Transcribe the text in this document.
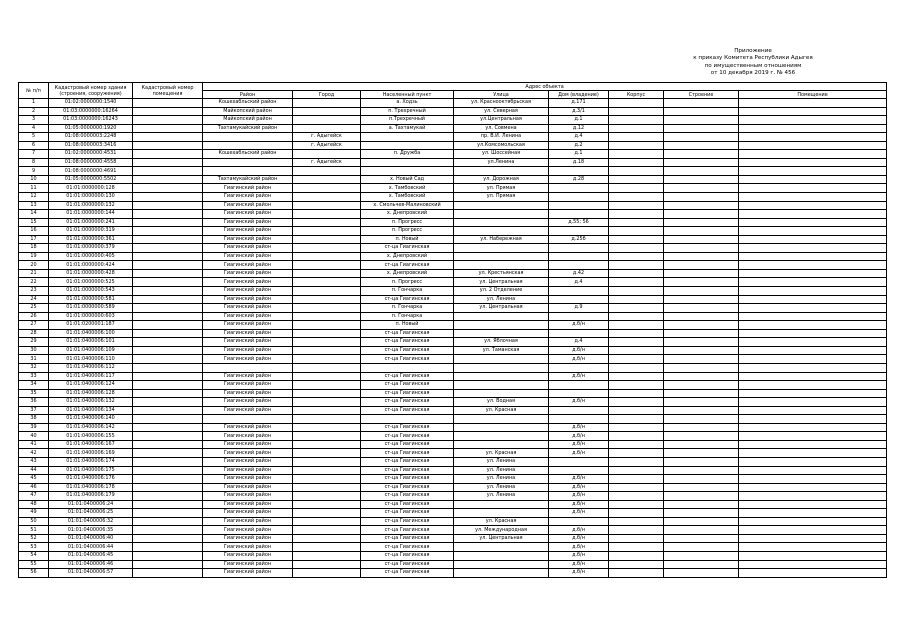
Приложение
к приказу Комитета Республики Адыгея
по имущественным отношениям
от 10 декабря 2019 г. № 456
№ п/п	Кадастровый номер здания (строения, сооружения)	Кадастровый номер помещения	Адрес объекта							
			Район	Город	Населенный пункт	Улица	Дом (владение)	Корпус	Строение	Помещение
1	01:02:0000000:1540		Кошехабльский район		а. Ходзь	ул. Краснооктябрьская	д.171			
2	01:03:0000000:16264		Майкопский район		п. Трехречный	ул. Северная	д.3/1			
3	01:03:0000000:16243		Майкопский район		п.Трехречный	ул.Центральная	д.1			
4	01:05:0000000:1920		Тахтамукайский район		а. Тахтамукай	ул. Совмена	д.12			
5	01:08:0000003:2248			г. Адыгейск		пр. В.И. Ленина	д.4			
6	01:08:0000003:3416			г. Адыгейск		ул.Комсомольская	д.2			
7	01:02:0000000:4531		Кошехабльский район		п. Дружба	ул. Шоссейная	д.1			
8	01:08:0000000:4558			г. Адыгейск		ул.Ленина	д.18			
9	01:08:0000000:4691									
10	01:05:0000000:5502		Тахтамукайский район		х. Новый Сад	ул. Дорожная	д.28			
11	01:01:0000000:128		Гиагинский район		х. Тамбовский	ул. Прямая				
12	01:01:0000000:130		Гиагинский район		х. Тамбовский	ул. Прямая				
13	01:01:0000000:132		Гиагинский район		х. Смольчев-Малиновский					
14	01:01:0000000:144		Гиагинский район		х. Днепровский					
15	01:01:0000000:241		Гиагинский район		п. Прогресс		д.55; 56			
16	01:01:0000000:319		Гиагинский район		п. Прогресс					
17	01:01:0000000:361		Гиагинский район		п. Новый	ул. Набережная	д.25б			
18	01:01:0000000:379		Гиагинский район		ст-ца Гиагинская					
19	01:01:0000000:405		Гиагинский район		х. Днепровский					
20	01:01:0000000:424		Гиагинский район		ст-ца Гиагинская					
21	01:01:0000000:428		Гиагинский район		х. Днепровский	ул. Крестьянская	д.42			
22	01:01:0000000:525		Гиагинский район		п. Прогресс	ул. Центральная	д.4			
23	01:01:0000000:543		Гиагинский район		п. Гончарка	ул. 2 Отделение				
24	01:01:0000000:581		Гиагинский район		ст-ца Гиагинская	ул. Ленина				
25	01:01:0000000:589		Гиагинский район		п. Гончарка	ул. Центральная	д.9			
26	01:01:0000000:603		Гиагинский район		п. Гончарка					
27	01:01:0200001:187		Гиагинский район		п. Новый		д.б/н			
28	01:01:0400006:100		Гиагинский район		ст-ца Гиагинская					
29	01:01:0400006:101		Гиагинский район		ст-ца Гиагинская	ул. Яблочная	д.4			
30	01:01:0400006:109		Гиагинский район		ст-ца Гиагинская	ул. Таманская	д.б/н			
31	01:01:0400006:110		Гиагинский район		ст-ца Гиагинская		д.б/н			
32	01:01:0400006:112									
33	01:01:0400006:117		Гиагинский район		ст-ца Гиагинская		д.б/н			
34	01:01:0400006:124		Гиагинский район		ст-ца Гиагинская					
35	01:01:0400006:128		Гиагинский район		ст-ца Гиагинская					
36	01:01:0400006:132		Гиагинский район		ст-ца Гиагинская	ул. Водная	д.б/н			
37	01:01:0400006:134		Гиагинский район		ст-ца Гиагинская	ул. Красная				
38	01:01:0400006:140									
39	01:01:0400006:142		Гиагинский район		ст-ца Гиагинская		д.б/н			
40	01:01:0400006:155		Гиагинский район		ст-ца Гиагинская		д.б/н			
41	01:01:0400006:167		Гиагинский район		ст-ца Гиагинская		д.б/н			
42	01:01:0400006:169		Гиагинский район		ст-ца Гиагинская	ул. Красная	д.б/н			
43	01:01:0400006:174		Гиагинский район		ст-ца Гиагинская	ул. Ленина				
44	01:01:0400006:175		Гиагинский район		ст-ца Гиагинская	ул. Ленина				
45	01:01:0400006:176		Гиагинский район		ст-ца Гиагинская	ул. Ленина	д.б/н			
46	01:01:0400006:178		Гиагинский район		ст-ца Гиагинская	ул. Ленина	д.б/н			
47	01:01:0400006:179		Гиагинский район		ст-ца Гиагинская	ул. Ленина	д.б/н			
48	01:01:0400006:24		Гиагинский район		ст-ца Гиагинская		д.б/н			
49	01:01:0400006:25		Гиагинский район		ст-ца Гиагинская		д.б/н			
50	01:01:0400006:32		Гиагинский район		ст-ца Гиагинская	ул. Красная				
51	01:01:0400006:35		Гиагинский район		ст-ца Гиагинская	ул. Международная	д.б/н			
52	01:01:0400006:40		Гиагинский район		ст-ца Гиагинская	ул. Центральная	д.б/н			
53	01:01:0400006:44		Гиагинский район		ст-ца Гиагинская		д.б/н			
54	01:01:0400006:45		Гиагинский район		ст-ца Гиагинская		д.б/н			
55	01:01:0400006:46		Гиагинский район		ст-ца Гиагинская		д.б/н			
56	01:01:0400006:57		Гиагинский район		ст-ца Гиагинская		д.б/н			
